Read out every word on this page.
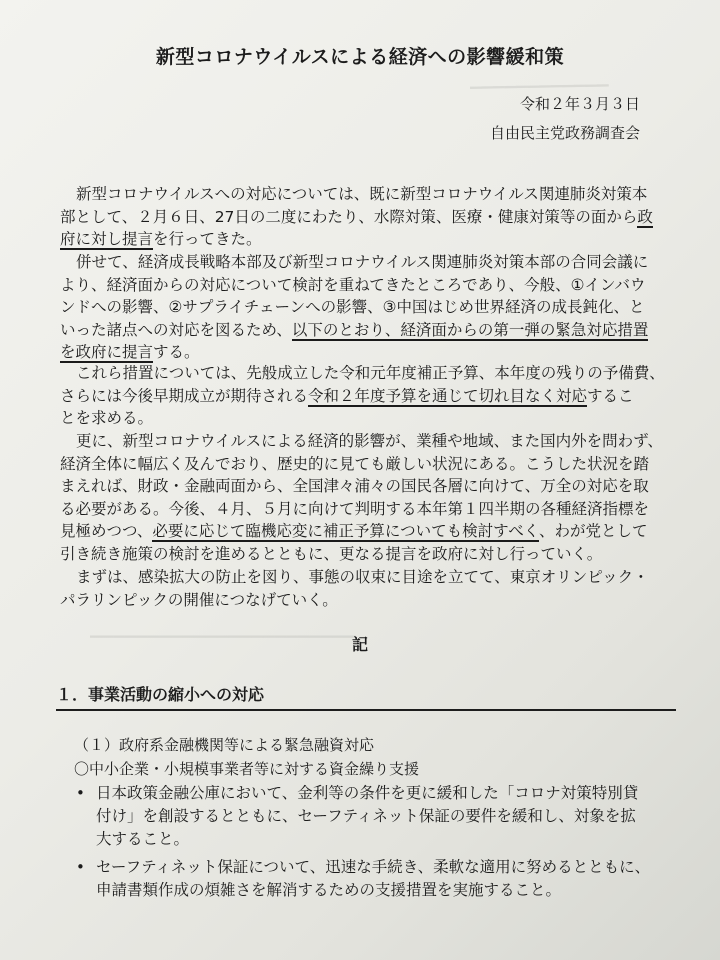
▁▁▁▁▁▁▁▁▁▁▁▁
▁▁▁▁▁▁▁▁▁▁▁▁▁▁▁▁▁▁▁▁▁▁▁
新型コロナウイルスによる経済への影響緩和策
令和２年３月３日
自由民主党政務調査会
新型コロナウイルスへの対応については、既に新型コロナウイルス関連肺炎対策本
部として、２月６日、27日の二度にわたり、水際対策、医療・健康対策等の面から政
府に対し提言を行ってきた。
併せて、経済成長戦略本部及び新型コロナウイルス関連肺炎対策本部の合同会議に
より、経済面からの対応について検討を重ねてきたところであり、今般、①インバウ
ンドへの影響、②サプライチェーンへの影響、③中国はじめ世界経済の成長鈍化、と
いった諸点への対応を図るため、以下のとおり、経済面からの第一弾の緊急対応措置
を政府に提言する。
これら措置については、先般成立した令和元年度補正予算、本年度の残りの予備費、
さらには今後早期成立が期待される令和２年度予算を通じて切れ目なく対応するこ
とを求める。
更に、新型コロナウイルスによる経済的影響が、業種や地域、また国内外を問わず、
経済全体に幅広く及んでおり、歴史的に見ても厳しい状況にある。こうした状況を踏
まえれば、財政・金融両面から、全国津々浦々の国民各層に向けて、万全の対応を取
る必要がある。今後、４月、５月に向けて判明する本年第１四半期の各種経済指標を
見極めつつ、必要に応じて臨機応変に補正予算についても検討すべく、わが党として
引き続き施策の検討を進めるとともに、更なる提言を政府に対し行っていく。
まずは、感染拡大の防止を図り、事態の収束に目途を立てて、東京オリンピック・
パラリンピックの開催につなげていく。
記
１．事業活動の縮小への対応
（１）政府系金融機関等による緊急融資対応
〇中小企業・小規模事業者等に対する資金繰り支援
• 日本政策金融公庫において、金利等の条件を更に緩和した「コロナ対策特別貸
付け」を創設するとともに、セーフティネット保証の要件を緩和し、対象を拡
大すること。
• セーフティネット保証について、迅速な手続き、柔軟な適用に努めるとともに、
申請書類作成の煩雑さを解消するための支援措置を実施すること。
